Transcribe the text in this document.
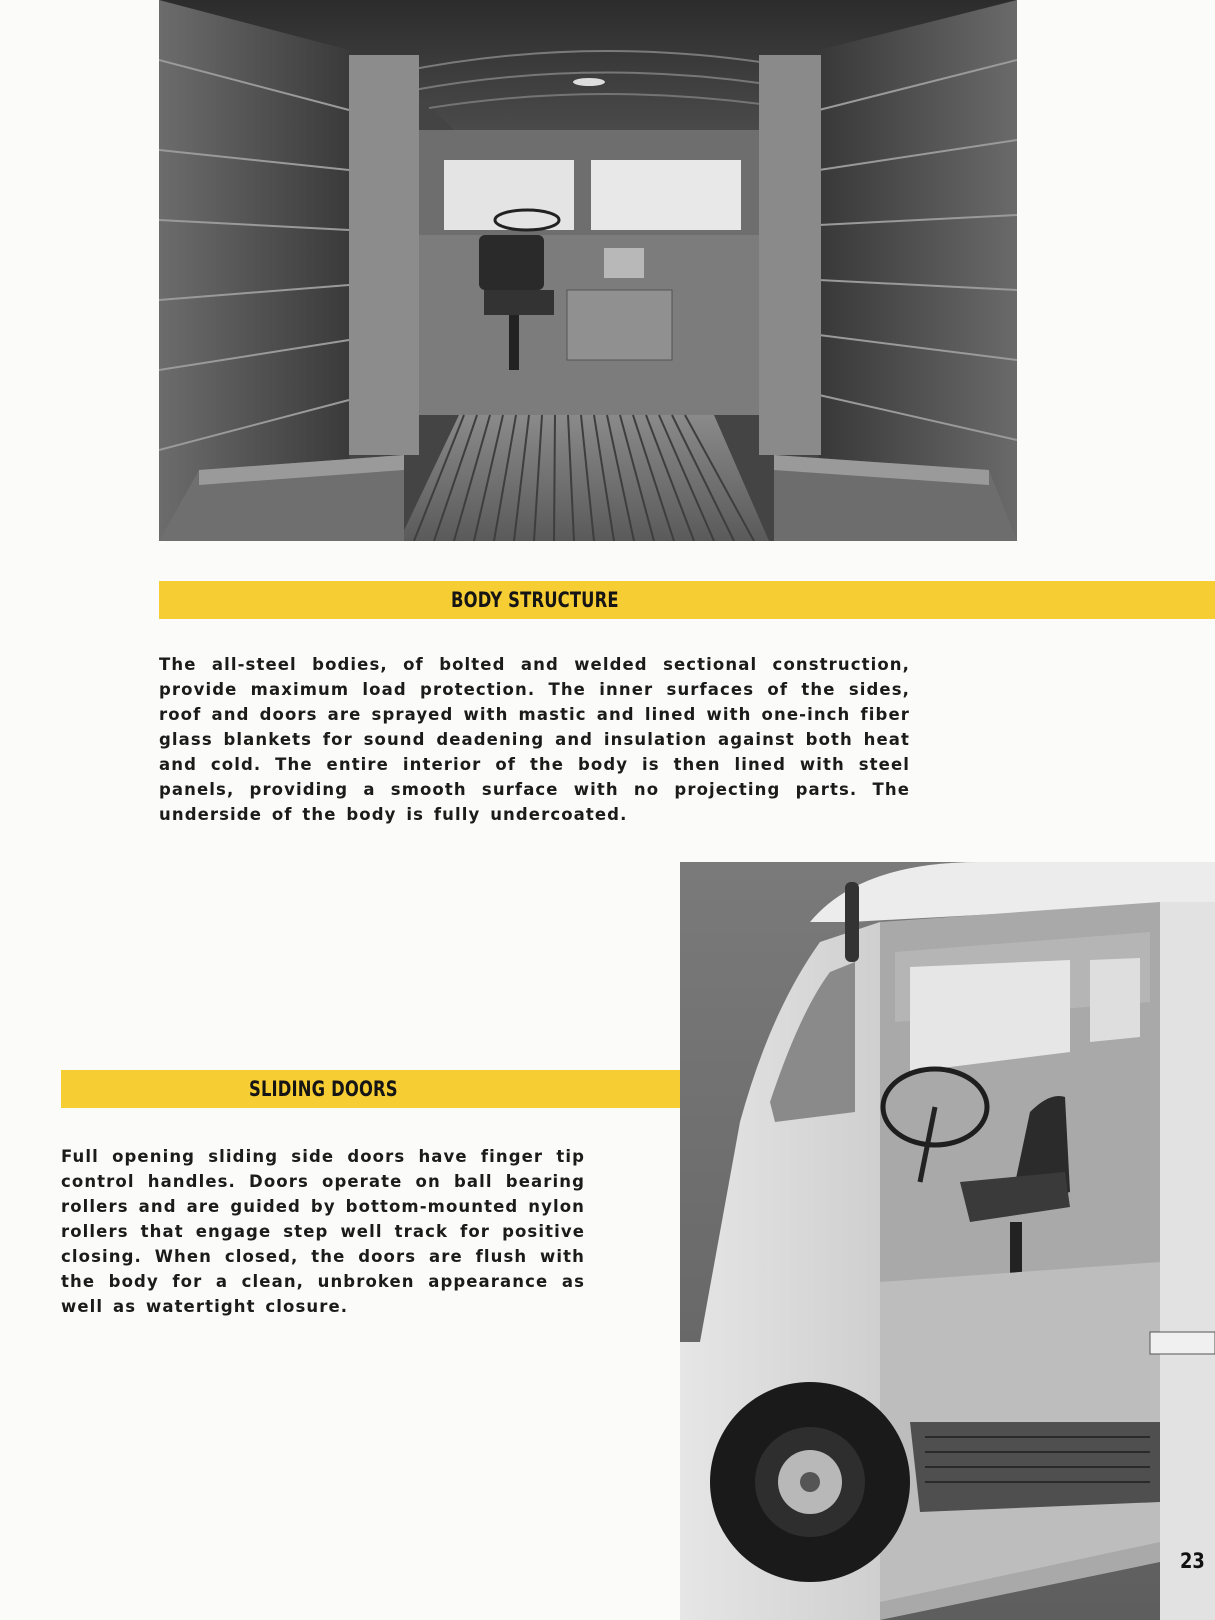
BODY STRUCTURE

The all-steel bodies, of bolted and welded sectional construction, provide maximum load protection. The inner surfaces of the sides, roof and doors are sprayed with mastic and lined with one-inch fiber glass blankets for sound deadening and insulation against both heat and cold. The entire interior of the body is then lined with steel panels, providing a smooth surface with no projecting parts. The underside of the body is fully undercoated.

SLIDING DOORS

Full opening sliding side doors have finger tip control handles. Doors operate on ball bearing rollers and are guided by bottom-mounted nylon rollers that engage step well track for positive closing. When closed, the doors are flush with the body for a clean, unbroken appearance as well as watertight closure.

23
